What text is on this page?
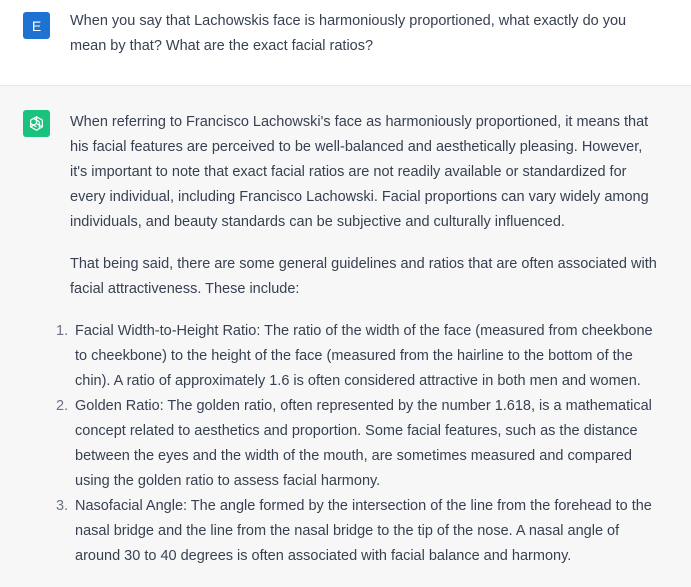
E	When you say that Lachowskis face is harmoniously proportioned, what exactly do you mean by that? What are the exact facial ratios?

When referring to Francisco Lachowski's face as harmoniously proportioned, it means that his facial features are perceived to be well-balanced and aesthetically pleasing. However, it's important to note that exact facial ratios are not readily available or standardized for every individual, including Francisco Lachowski. Facial proportions can vary widely among individuals, and beauty standards can be subjective and culturally influenced.

That being said, there are some general guidelines and ratios that are often associated with facial attractiveness. These include:

1. Facial Width-to-Height Ratio: The ratio of the width of the face (measured from cheekbone to cheekbone) to the height of the face (measured from the hairline to the bottom of the chin). A ratio of approximately 1.6 is often considered attractive in both men and women.
2. Golden Ratio: The golden ratio, often represented by the number 1.618, is a mathematical concept related to aesthetics and proportion. Some facial features, such as the distance between the eyes and the width of the mouth, are sometimes measured and compared using the golden ratio to assess facial harmony.
3. Nasofacial Angle: The angle formed by the intersection of the line from the forehead to the nasal bridge and the line from the nasal bridge to the tip of the nose. A nasal angle of around 30 to 40 degrees is often associated with facial balance and harmony.
